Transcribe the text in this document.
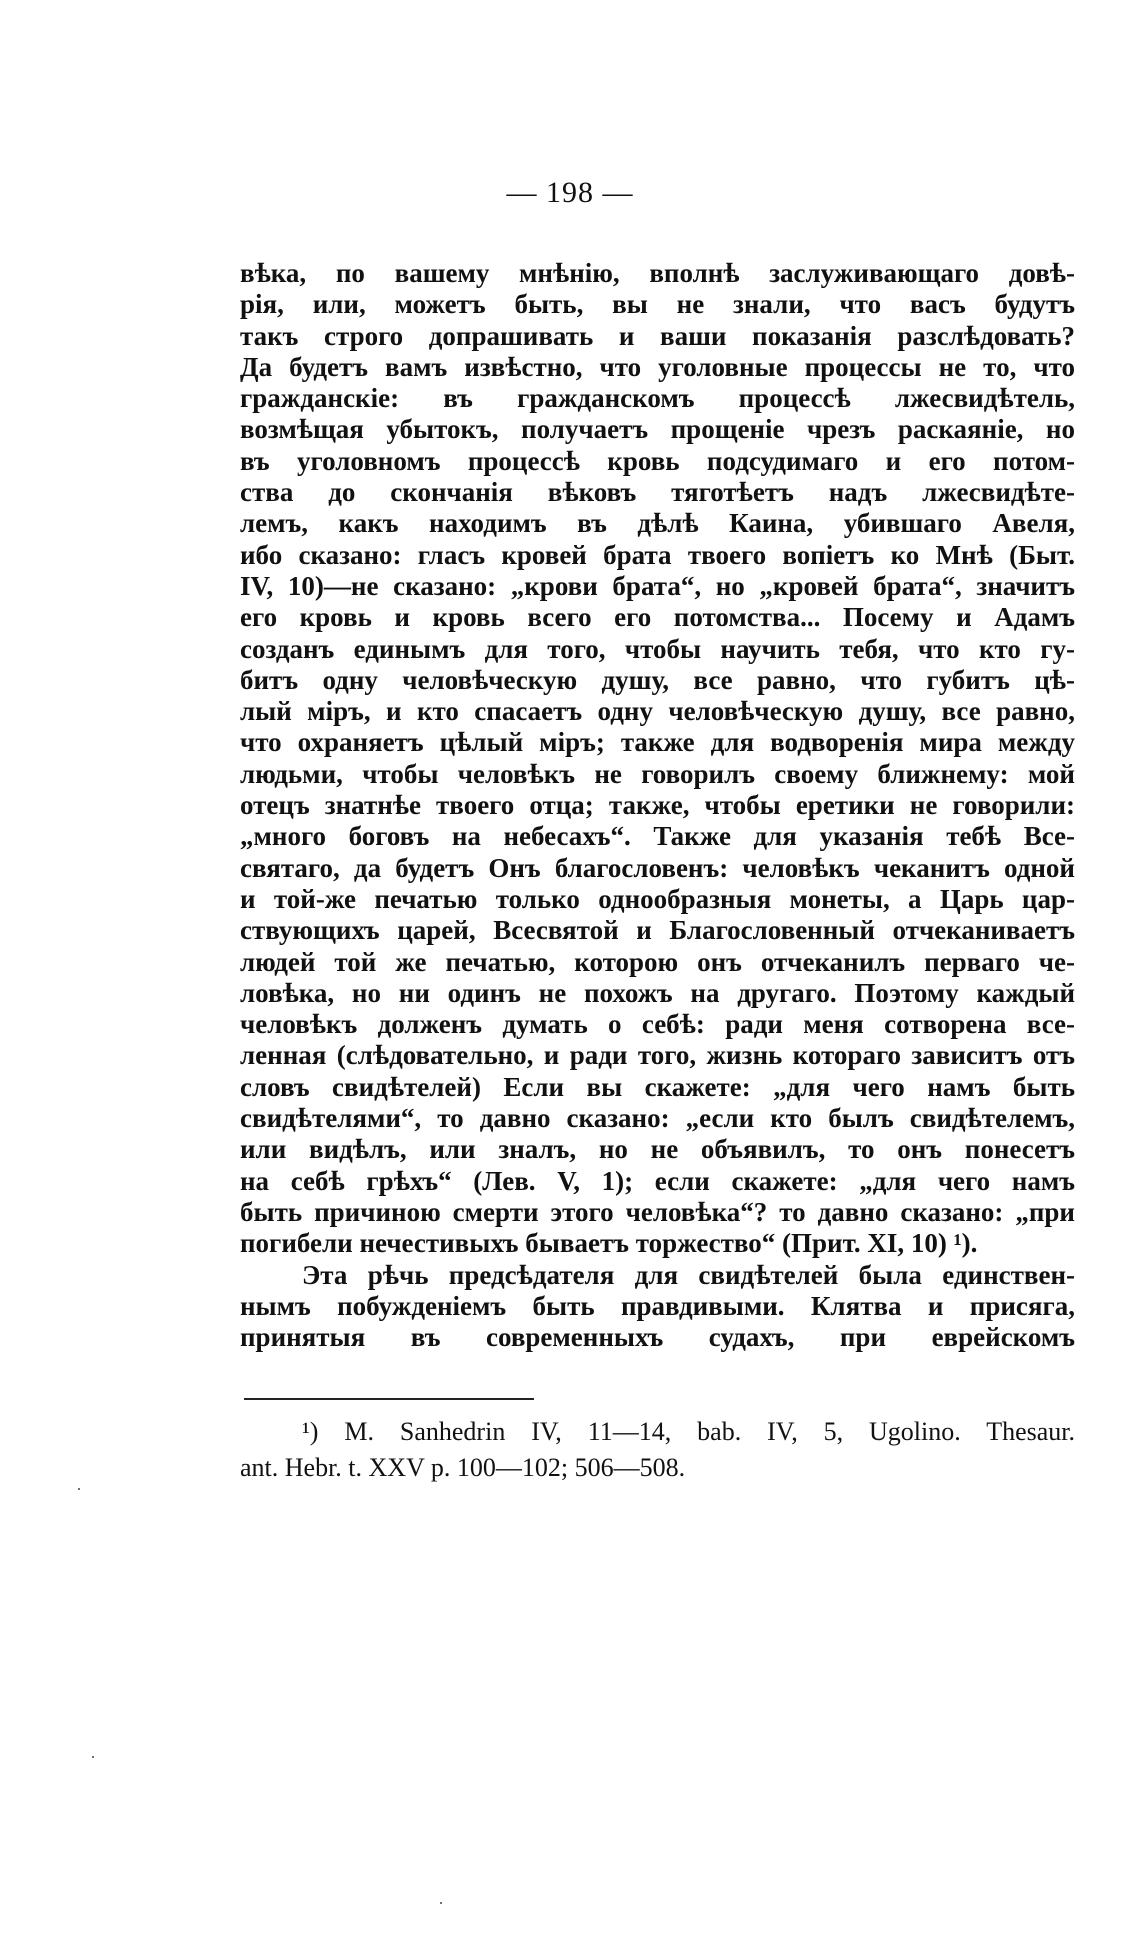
— 198 —
вѣка, по вашему мнѣнію, вполнѣ заслуживающаго довѣ-
рія, или, можетъ быть, вы не знали, что васъ будутъ
такъ строго допрашивать и ваши показанія разслѣдовать?
Да будетъ вамъ извѣстно, что уголовные процессы не то, что
гражданскіе: въ гражданскомъ процессѣ лжесвидѣтель,
возмѣщая убытокъ, получаетъ прощеніе чрезъ раскаяніе, но
въ уголовномъ процессѣ кровь подсудимаго и его потом-
ства до скончанія вѣковъ тяготѣетъ надъ лжесвидѣте-
лемъ, какъ находимъ въ дѣлѣ Каина, убившаго Авеля,
ибо сказано: гласъ кровей брата твоего вопіетъ ко Мнѣ (Быт.
IV, 10)—не сказано: „крови брата“, но „кровей брата“, значитъ
его кровь и кровь всего его потомства... Посему и Адамъ
созданъ единымъ для того, чтобы научить тебя, что кто гу-
битъ одну человѣческую душу, все равно, что губитъ цѣ-
лый міръ, и кто спасаетъ одну человѣческую душу, все равно,
что охраняетъ цѣлый міръ; также для водворенія мира между
людьми, чтобы человѣкъ не говорилъ своему ближнему: мой
отецъ знатнѣе твоего отца; также, чтобы еретики не говорили:
„много боговъ на небесахъ“. Также для указанія тебѣ Все-
святаго, да будетъ Онъ благословенъ: человѣкъ чеканитъ одной
и той-же печатью только однообразныя монеты, а Царь цар-
ствующихъ царей, Всесвятой и Благословенный отчеканиваетъ
людей той же печатью, которою онъ отчеканилъ перваго че-
ловѣка, но ни одинъ не похожъ на другаго. Поэтому каждый
человѣкъ долженъ думать о себѣ: ради меня сотворена все-
ленная (слѣдовательно, и ради того, жизнь котораго зависитъ отъ
словъ свидѣтелей) Если вы скажете: „для чего намъ быть
свидѣтелями“, то давно сказано: „если кто былъ свидѣтелемъ,
или видѣлъ, или зналъ, но не объявилъ, то онъ понесетъ
на себѣ грѣхъ“ (Лев. V, 1); если скажете: „для чего намъ
быть причиною смерти этого человѣка“? то давно сказано: „при
погибели нечестивыхъ бываетъ торжество“ (Прит. XI, 10) ¹).
Эта рѣчь предсѣдателя для свидѣтелей была единствен-
нымъ побужденіемъ быть правдивыми. Клятва и присяга,
принятыя въ современныхъ судахъ, при еврейскомъ
¹) M. Sanhedrin IV, 11—14, bab. IV, 5, Ugolino. Thesaur.
ant. Hebr. t. XXV p. 100—102; 506—508.
